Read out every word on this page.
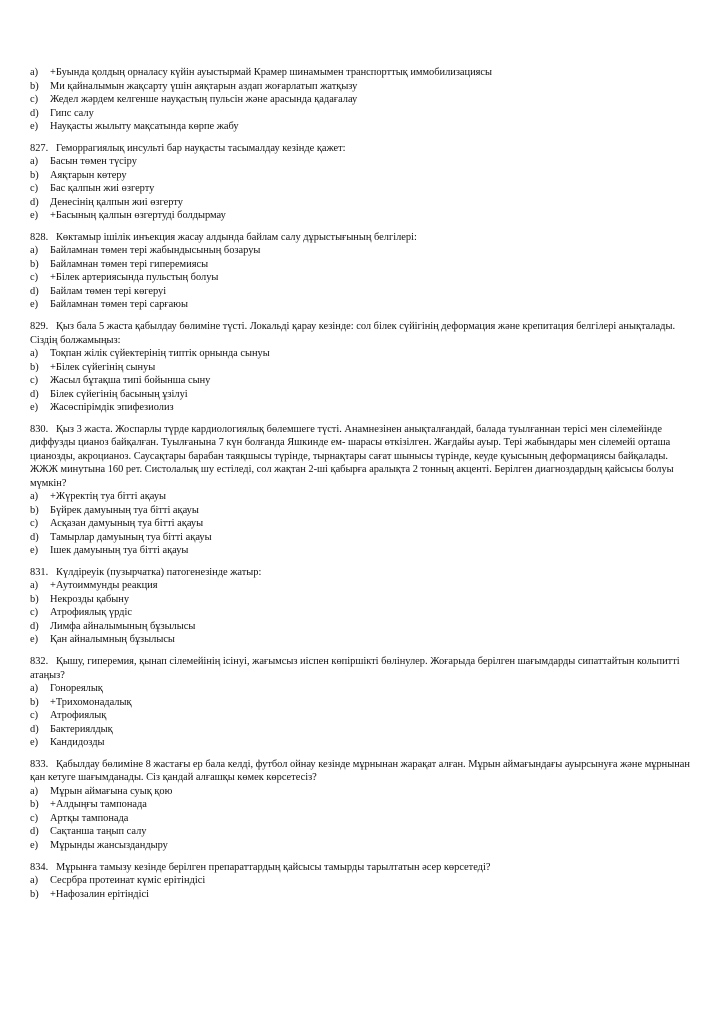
a)	+Буында қолдың орналасу күйін ауыстырмай Крамер шинамымен транспорттық иммобилизациясы
b)	Ми қайналымын жақсарту үшін аяқтарын аздап жоғарлатып жатқызу
c)	Жедел жәрдем келгенше науқастың пульсін және арасында қадағалау
d)	Гипс салу
e)	Науқасты жылыту мақсатында көрпе жабу
827. Геморрагиялық инсульті бар науқасты тасымалдау кезінде қажет:
a)	Басын төмен түсіру
b)	Аяқтарын көтеру
c)	Бас қалпын жиі өзгерту
d)	Денесінің қалпын жиі өзгерту
e)	+Басының қалпын өзгертуді болдырмау
828. Көктамыр ішілік инъекция жасау алдында байлам салу дұрыстығының белгілері:
a)	Байламнан төмен тері жабындысының бозаруы
b)	Байламнан төмен тері гиперемиясы
c)	+Білек артериясында пульстың болуы
d)	Байлам төмен тері көгеруі
e)	Байламнан төмен тері сарғаюы
829. Қыз бала 5 жаста қабылдау бөлиміне түсті. Локальді қарау кезінде: сол білек сүйігінің деформация және крепитация белгілері анықталады. Сіздің болжамыңыз:
a)	Тоқпан жілік сүйектерінің типтік орнында сынуы
b)	+Білек сүйегінің сынуы
c)	Жасыл бұтақша типі бойынша сыну
d)	Білек сүйегінің басының ұзілуі
e)	Жасөспірімдік эпифезиолиз
830. Қыз 3 жаста. Жоспарлы түрде кардиологиялық бөлемшеге түсті. Анамнезінен анықталғандай, балада туылғаннан терісі мен сілемейінде диффузды цианоз байқалған. Туылғанына 7 күн болғанда Яшкинде ем- шарасы өткізілген. Жағдайы ауыр. Тері жабындары мен сілемейі орташа цианозды, акроцианоз. Саусақтары барабан таяқшысы түрінде, тырнақтары сағат шынысы түрінде, кеуде қуысының деформациясы байқалады. ЖЖЖ минутына 160 рет. Систолалық шу естіледі, сол жақтан 2-ші қабырға аралықта 2 тонның акценті. Берілген диагноздардың қайсысы болуы мүмкін?
a)	+Жүректің туа бітті ақауы
b)	Бүйрек дамуының туа бітті ақауы
c)	Асқазан дамуының туа бітті ақауы
d)	Тамырлар дамуының туа бітті ақауы
e)	Ішек дамуының туа бітті ақауы
831. Күлдіреуік (пузырчатка) патогенезінде жатыр:
a)	+Аутоиммунды реакция
b)	Некрозды қабыну
c)	Атрофиялық үрдіс
d)	Лимфа айналымының бұзылысы
e)	Қан айналымның бұзылысы
832. Қышу, гиперемия, қынап сілемейінің ісінуі, жағымсыз иіспен көпіршікті бөлінулер. Жоғарыда берілген шағымдарды сипаттайтын кольпитті атаңыз?
a)	Гонореялық
b)	+Трихомонадалық
c)	Атрофиялық
d)	Бактериялдық
e)	Кандидозды
833. Қабылдау бөлиміне 8 жастағы ер бала келді, футбол ойнау кезінде мұрнынан жарақат алған. Мұрын аймағындағы ауырсынуға және мұрнынан қан кетуге шағымданады. Сіз қандай алғашқы көмек көрсетесіз?
a)	Мұрын аймағына суық қою
b)	+Алдыңғы тампонада
c)	Артқы тампонада
d)	Сақтанша таңып салу
e)	Мұрынды жансыздандыру
834. Мұрынға тамызу кезінде берілген препараттардың қайсысы тамырды тарылтатын әсер көрсетеді?
a)	Сесрбра протеинат күміс ерітіндісі
b)	+Нафозалин ерітіндісі
